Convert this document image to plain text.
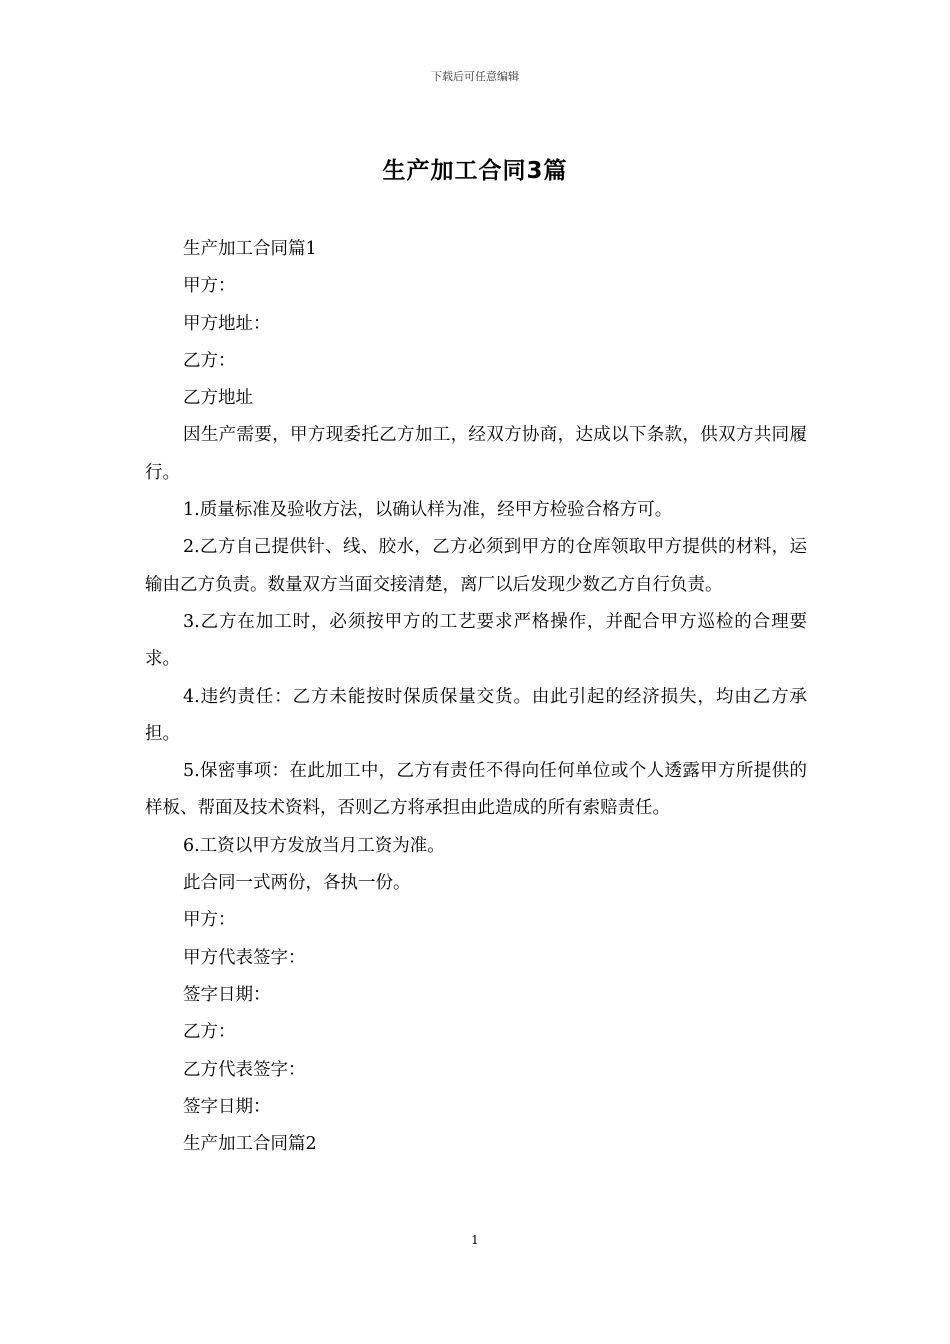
下载后可任意编辑
生产加工合同3篇

生产加工合同篇1

甲方：

甲方地址：

乙方：

乙方地址

因生产需要，甲方现委托乙方加工，经双方协商，达成以下条款，供双方共同履行。

1.质量标准及验收方法，以确认样为准，经甲方检验合格方可。

2.乙方自己提供针、线、胶水，乙方必须到甲方的仓库领取甲方提供的材料，运输由乙方负责。数量双方当面交接清楚，离厂以后发现少数乙方自行负责。

3.乙方在加工时，必须按甲方的工艺要求严格操作，并配合甲方巡检的合理要求。

4.违约责任：乙方未能按时保质保量交货。由此引起的经济损失，均由乙方承担。

5.保密事项：在此加工中，乙方有责任不得向任何单位或个人透露甲方所提供的样板、帮面及技术资料，否则乙方将承担由此造成的所有索赔责任。

6.工资以甲方发放当月工资为准。

此合同一式两份，各执一份。

甲方：

甲方代表签字：

签字日期：

乙方：

乙方代表签字：

签字日期：

生产加工合同篇2

1
